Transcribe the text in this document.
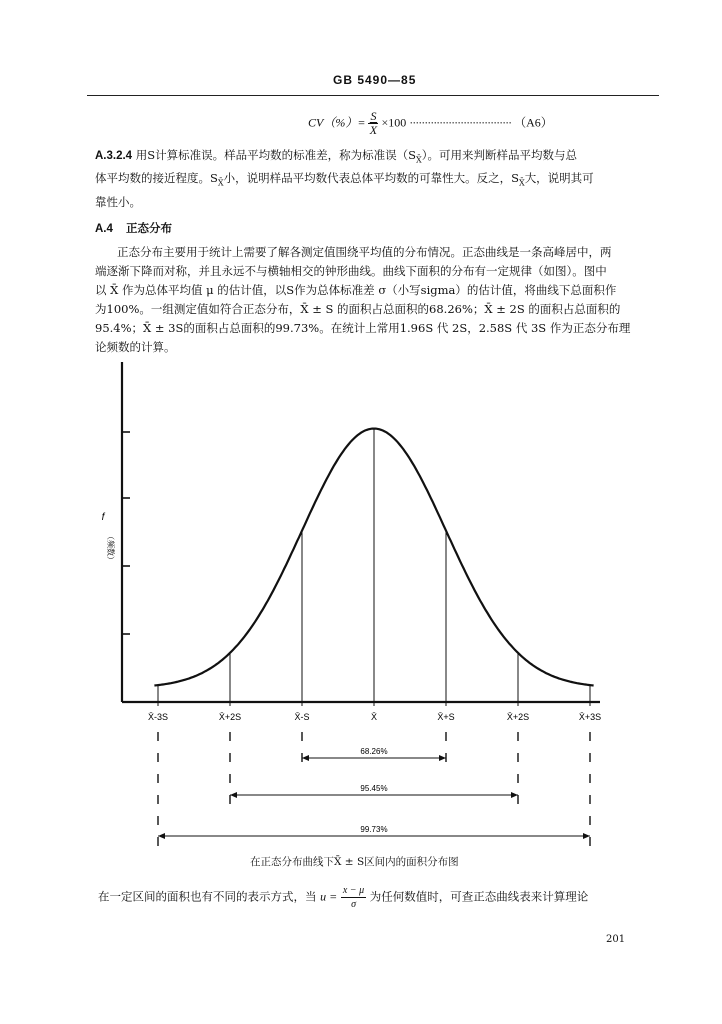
GB 5490—85
$CV(\%)= \frac{S}{X} \times 100$ ·································· （A6）
A.3.2.4 用S计算标准误。样品平均数的标准差，称为标准误$(S_{X̄})$。可用来判断样品平均数与总
体平均数的接近程度。$S_{X̄}$小，说明样品平均数代表总体平均数的可靠性大。反之，$S_{X̄}$大，说明其可
靠性小。
A.4 正态分布
正态分布主要用于统计上需要了解各测定值围绕平均值的分布情况。正态曲线是一条高峰居中，两
端逐渐下降而对称，并且永远不与横轴相交的钟形曲线。曲线下面积的分布有一定规律（如图）。图中
以 X̄ 作为总体平均值 μ 的估计值，以S作为总体标准差 σ（小写sigma）的估计值，将曲线下总面积作
为100%。一组测定值如符合正态分布，X̄ ± S 的面积占总面积的68.26%；X̄ ± 2S 的面积占总面积的
95.4%；X̄ ± 3S的面积占总面积的99.73%。在统计上常用1.96S 代 2S，2.58S 代 3S 作为正态分布理
论频数的计算。
f
（频数）
X̄-3S	X̄+2S	X̄-S	X̄	X̄+S	X̄+2S	X̄+3S
68.26%
95.45%
99.73%
在正态分布曲线下X̄ ± S区间内的面积分布图
在一定区间的面积也有不同的表示方式，当 $u = \frac{x - \mu}{\sigma}$ 为任何数值时，可查正态曲线表来计算理论
201
